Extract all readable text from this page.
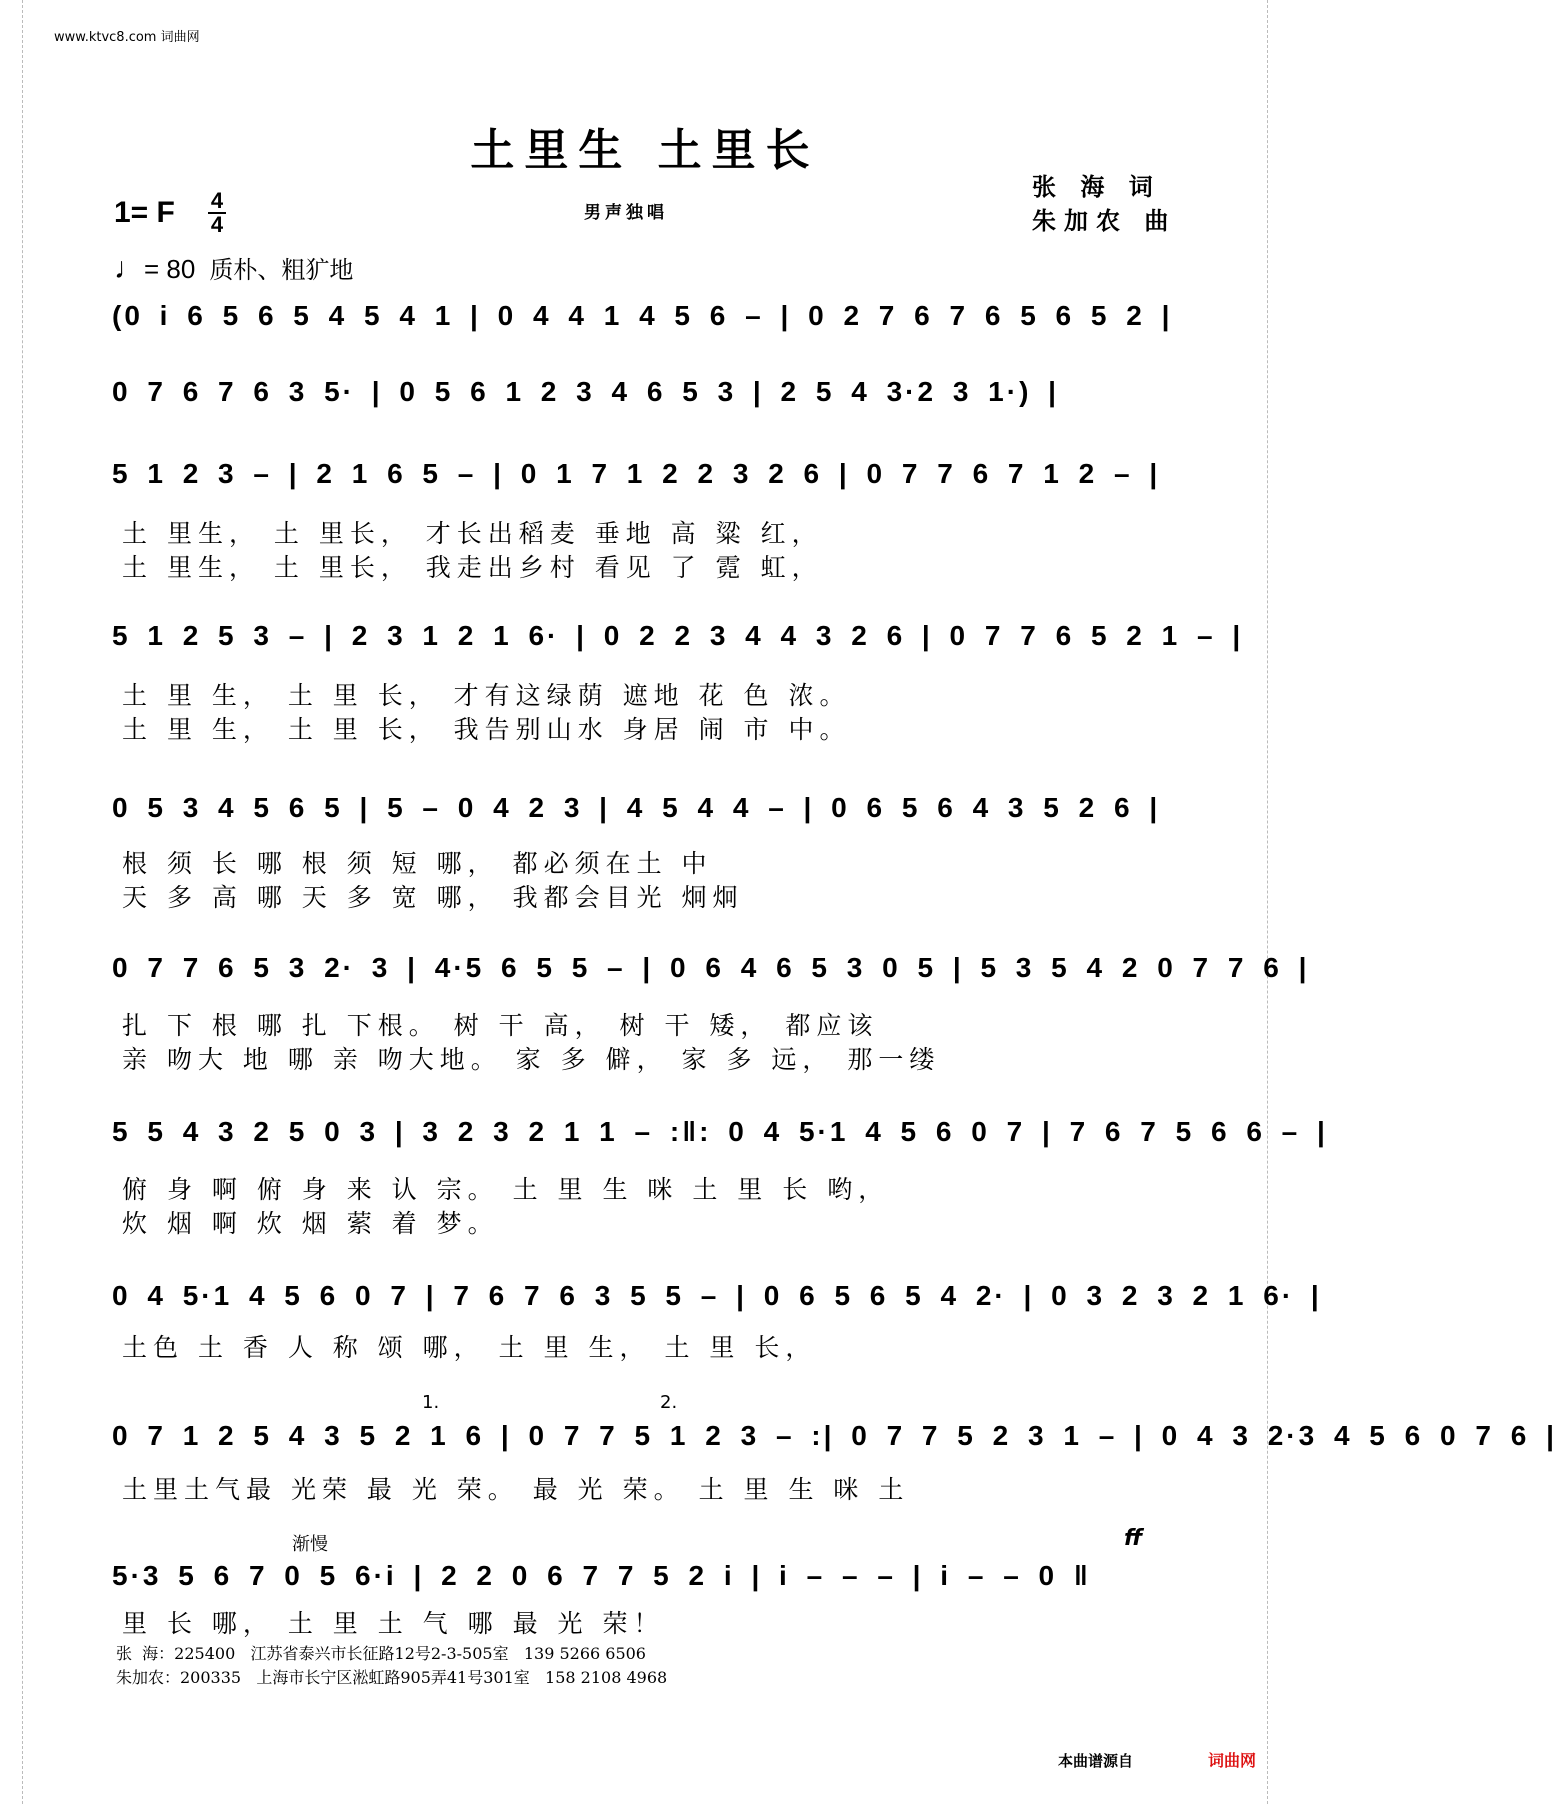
www.ktvc8.com 词曲网
土里生 土里长
1= F 4
4	男声独唱
张 海 词
朱加农 曲
♩= 80 质朴、粗犷地
(0 i 6 5 6 5 4 5 4 1 | 0 4 4 1 4 5 6 – | 0 2 7 6 7 6 5 6 5 2 |
0 7 6 7 6 3 5· | 0 5 6 1 2 3 4 6 5 3 | 2 5 4 3·2 3 1·) |
5 1 2 3 – | 2 1 6 5 – | 0 1 7 1 2 2 3 2 6 | 0 7 7 6 7 1 2 – |
土 里生， 土 里长， 才长出稻麦 垂地 高 粱 红，
土 里生， 土 里长， 我走出乡村 看见 了 霓 虹，
5 1 2 5 3 – | 2 3 1 2 1 6· | 0 2 2 3 4 4 3 2 6 | 0 7 7 6 5 2 1 – |
土 里 生， 土 里 长， 才有这绿荫 遮地 花 色 浓。
土 里 生， 土 里 长， 我告别山水 身居 闹 市 中。
0 5 3 4 5 6 5 | 5 – 0 4 2 3 | 4 5 4 4 – | 0 6 5 6 4 3 5 2 6 |
根 须 长 哪 根 须 短 哪， 都必须在土 中
天 多 高 哪 天 多 宽 哪， 我都会目光 炯炯
0 7 7 6 5 3 2· 3 | 4·5 6 5 5 – | 0 6 4 6 5 3 0 5 | 5 3 5 4 2 0 7 7 6 |
扎 下 根 哪 扎 下根。 树 干 高， 树 干 矮， 都应该
亲 吻大 地 哪 亲 吻大地。 家 多 僻， 家 多 远， 那一缕
5 5 4 3 2 5 0 3 | 3 2 3 2 1 1 – :‖: 0 4 5·1 4 5 6 0 7 | 7 6 7 5 6 6 – |
俯 身 啊 俯 身 来 认 宗。 土 里 生 咪 土 里 长 哟，
炊 烟 啊 炊 烟 萦 着 梦。
0 4 5·1 4 5 6 0 7 | 7 6 7 6 3 5 5 – | 0 6 5 6 5 4 2· | 0 3 2 3 2 1 6· |
土色 土 香 人 称 颂 哪， 土 里 生， 土 里 长，
1.	2.
0 7 1 2 5 4 3 5 2 1 6 | 0 7 7 5 1 2 3 – :| 0 7 7 5 2 3 1 – | 0 4 3 2·3 4 5 6 0 7 6 |
土里土气最 光荣 最 光 荣。 最 光 荣。 土 里 生 咪 土
渐慢	ff
5·3 5 6 7 0 5 6·i | 2 2 0 6 7 7 5 2 i | i – – – | i – – 0 ‖
里 长 哪， 土 里 土 气 哪 最 光 荣！
张  海：225400   江苏省泰兴市长征路12号2-3-505室   139 5266 6506
朱加农：200335   上海市长宁区淞虹路905弄41号301室   158 2108 4968
本曲谱源自	词曲网
